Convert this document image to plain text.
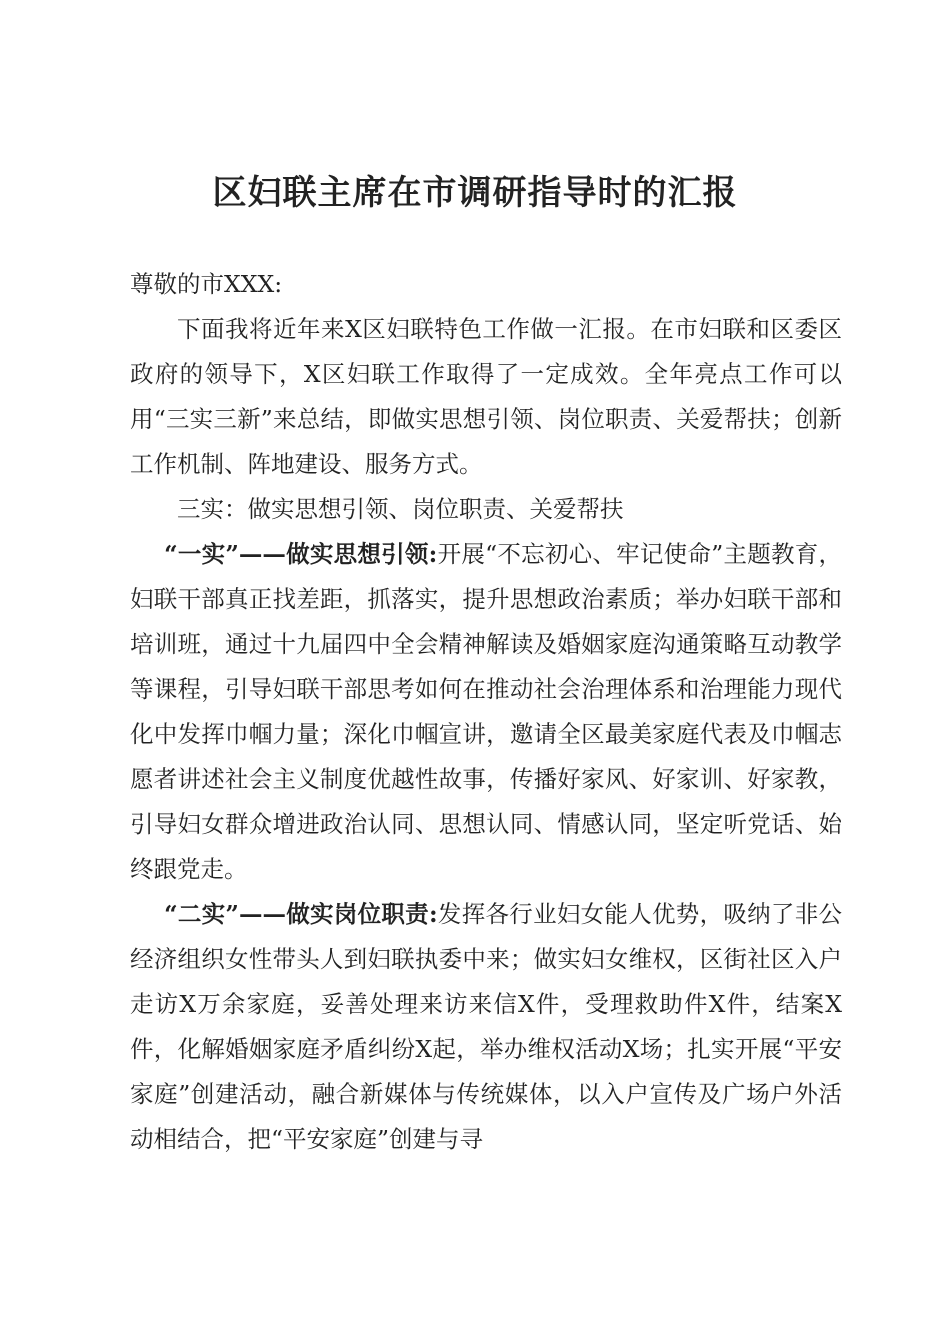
区妇联主席在市调研指导时的汇报

尊敬的市XXX:

下面我将近年来X区妇联特色工作做一汇报。在市妇联和区委区政府的领导下，X区妇联工作取得了一定成效。全年亮点工作可以用“三实三新”来总结，即做实思想引领、岗位职责、关爱帮扶；创新工作机制、阵地建设、服务方式。

三实：做实思想引领、岗位职责、关爱帮扶

“一实”——做实思想引领:开展“不忘初心、牢记使命”主题教育，妇联干部真正找差距，抓落实，提升思想政治素质；举办妇联干部和培训班，通过十九届四中全会精神解读及婚姻家庭沟通策略互动教学等课程，引导妇联干部思考如何在推动社会治理体系和治理能力现代化中发挥巾帼力量；深化巾帼宣讲，邀请全区最美家庭代表及巾帼志愿者讲述社会主义制度优越性故事，传播好家风、好家训、好家教，引导妇女群众增进政治认同、思想认同、情感认同，坚定听党话、始终跟党走。

“二实”——做实岗位职责:发挥各行业妇女能人优势，吸纳了非公经济组织女性带头人到妇联执委中来；做实妇女维权，区街社区入户走访X万余家庭，妥善处理来访来信X件，受理救助件X件，结案X件，化解婚姻家庭矛盾纠纷X起，举办维权活动X场；扎实开展“平安家庭”创建活动，融合新媒体与传统媒体，以入户宣传及广场户外活动相结合，把“平安家庭”创建与寻
